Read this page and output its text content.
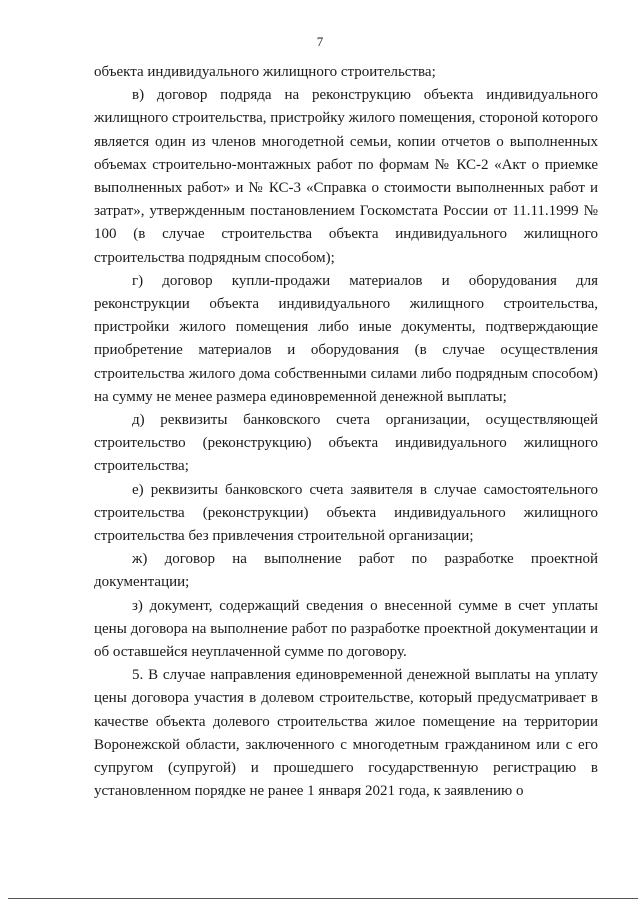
7

объекта индивидуального жилищного строительства;

в) договор подряда на реконструкцию объекта индивидуального жилищного строительства, пристройку жилого помещения, стороной которого является один из членов многодетной семьи, копии отчетов о выполненных объемах строительно-монтажных работ по формам № КС-2 «Акт о приемке выполненных работ» и № КС-3 «Справка о стоимости выполненных работ и затрат», утвержденным постановлением Госкомстата России от 11.11.1999 № 100 (в случае строительства объекта индивидуального жилищного строительства подрядным способом);

г) договор купли-продажи материалов и оборудования для реконструкции объекта индивидуального жилищного строительства, пристройки жилого помещения либо иные документы, подтверждающие приобретение материалов и оборудования (в случае осуществления строительства жилого дома собственными силами либо подрядным способом) на сумму не менее размера единовременной денежной выплаты;

д) реквизиты банковского счета организации, осуществляющей строительство (реконструкцию) объекта индивидуального жилищного строительства;

е) реквизиты банковского счета заявителя в случае самостоятельного строительства (реконструкции) объекта индивидуального жилищного строительства без привлечения строительной организации;

ж) договор на выполнение работ по разработке проектной документации;

з) документ, содержащий сведения о внесенной сумме в счет уплаты цены договора на выполнение работ по разработке проектной документации и об оставшейся неуплаченной сумме по договору.

5. В случае направления единовременной денежной выплаты на уплату цены договора участия в долевом строительстве, который предусматривает в качестве объекта долевого строительства жилое помещение на территории Воронежской области, заключенного с многодетным гражданином или с его супругом (супругой) и прошедшего государственную регистрацию в установленном порядке не ранее 1 января 2021 года, к заявлению о
